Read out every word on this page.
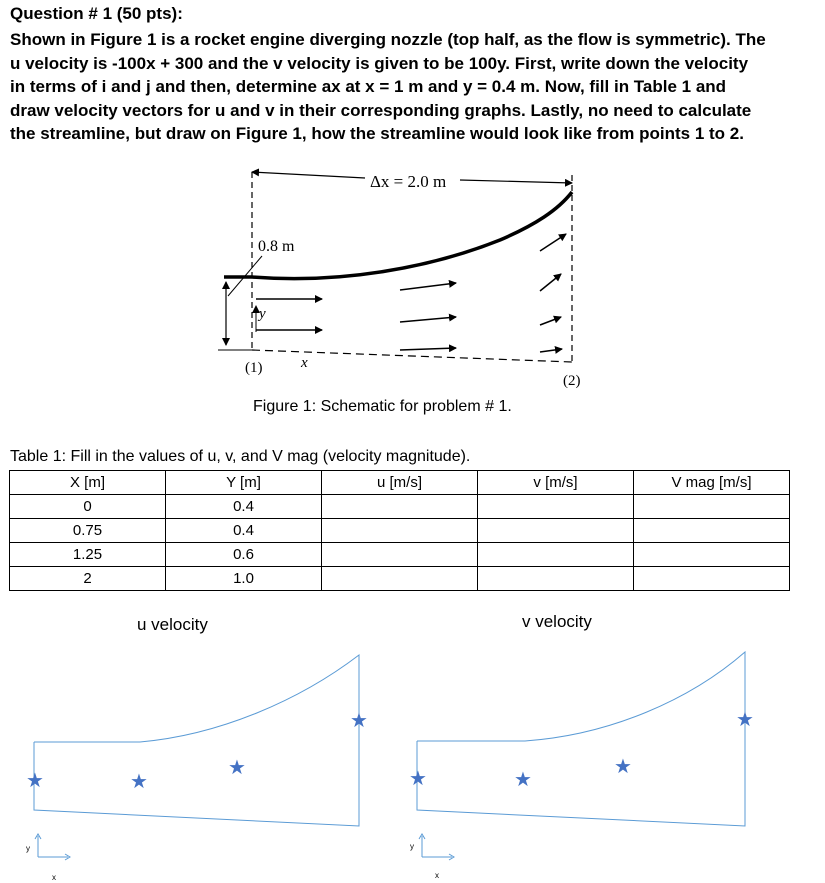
Question # 1 (50 pts):
Shown in Figure 1 is a rocket engine diverging nozzle (top half, as the flow is symmetric). The
u velocity is -100x + 300 and the v velocity is given to be 100y. First, write down the velocity
in terms of i and j and then, determine ax at x = 1 m and y = 0.4 m. Now, fill in Table 1 and
draw velocity vectors for u and v in their corresponding graphs. Lastly, no need to calculate
the streamline, but draw on Figure 1, how the streamline would look like from points 1 to 2.
Δx = 2.0 m
0.8 m
y
x
(1)
(2)
Figure 1: Schematic for problem # 1.
Table 1: Fill in the values of u, v, and V mag (velocity magnitude).
X [m]	Y [m]	u [m/s]	v [m/s]	V mag [m/s]
0	0.4			
0.75	0.4			
1.25	0.6			
2	1.0			
u velocity	v velocity
★	★
★
★
y
x
★	★
★
★
y
x
